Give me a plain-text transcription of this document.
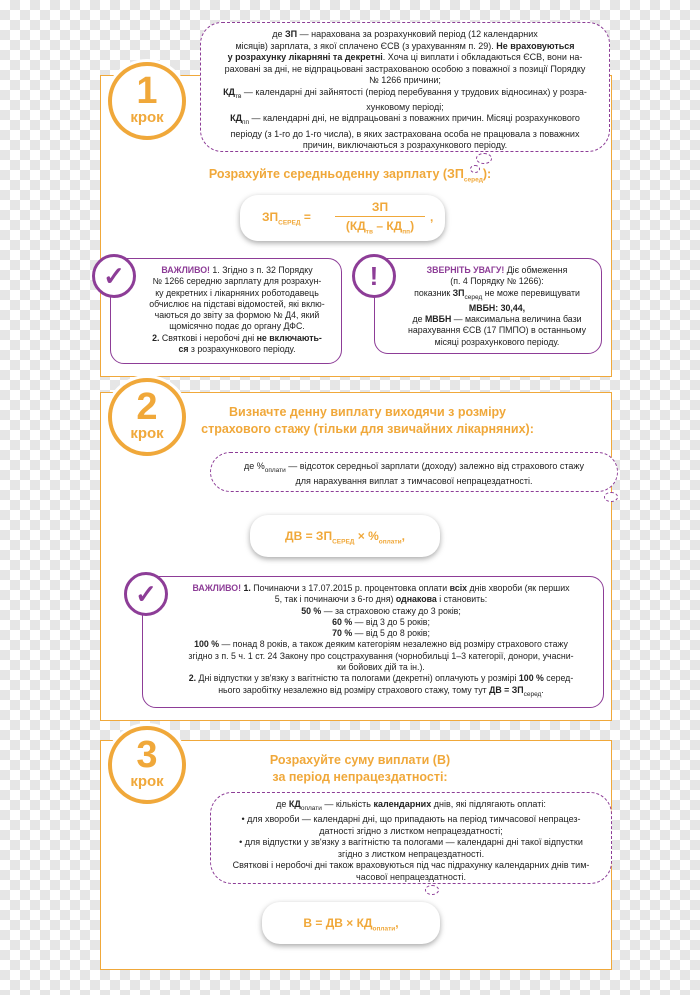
1
крок
де ЗП — нарахована за розрахунковий період (12 календарних
місяців) зарплата, з якої сплачено ЄСВ (з урахуванням п. 29). Не враховуються
у розрахунку лікарняні та декретні. Хоча ці виплати і обкладаються ЄСВ, вони на-
раховані за дні, не відпрацьовані застрахованою особою з поважної з позиції Порядку
№ 1266 причини;
$КД_{тв}$ — календарні дні зайнятості (період перебування у трудових відносинах) у розра-
хунковому періоді;
$КД_{пп}$ — календарні дні, не відпрацьовані з поважних причин. Місяці розрахункового
періоду (з 1-го до 1-го числа), в яких застрахована особа не працювала з поважних
причин, виключаються з розрахункового періоду.
Розрахуйте середньоденну зарплату $(ЗП_{серед})$:
$ЗП_{СЕРЕД}$ =
ЗП
$(КД_{тв} - КД_{пп})$
,
ВАЖЛИВО! 1. Згідно з п. 32 Порядку
№ 1266 середню зарплату для розрахун-
ку декретних і лікарняних роботодавець
обчислює на підставі відомостей, які вклю-
чаються до звіту за формою № Д4, який
щомісячно подає до органу ДФС.
2. Святкові і неробочі дні не включають-
ся з розрахункового періоду.
✓	ЗВЕРНІТЬ УВАГУ! Діє обмеження
(п. 4 Порядку № 1266):
показник $ЗП_{серед}$ не може перевищувати
МВБН: 30,44,
де МВБН — максимальна величина бази
нарахування ЄСВ (17 ПМПО) в останньому
місяці розрахункового періоду.
!
2
крок
Визначте денну виплату виходячи з розміру
страхового стажу (тільки для звичайних лікарняних):
де $\%_{оплати}$ — відсоток середньої зарплати (доходу) залежно від страхового стажу
для нарахування виплат з тимчасової непрацездатності.
ДВ = $ЗП_{СЕРЕД} \times \%_{оплати}$,
ВАЖЛИВО! 1. Починаючи з 17.07.2015 р. процентовка оплати всіх днів хвороби (як перших
5, так і починаючи з 6-го дня) однакова і становить:
50 % — за страховою стажу до 3 років;
60 % — від 3 до 5 років;
70 % — від 5 до 8 років;
100 % — понад 8 років, а також деяким категоріям незалежно від розміру страхового стажу
згідно з п. 5 ч. 1 ст. 24 Закону про соцстрахування (чорнобильці 1–3 категорії, донори, учасни-
ки бойових дій та ін.).
2. Дні відпустки у зв'язку з вагітністю та пологами (декретні) оплачують у розмірі 100 % серед-
нього заробітку незалежно від розміру страхового стажу, тому тут ДВ = $ЗП_{серед}$.
✓
3
крок
Розрахуйте суму виплати (В)
за період непрацездатності:
де $КД_{оплати}$ — кількість календарних днів, які підлягають оплаті:
• для хвороби — календарні дні, що припадають на період тимчасової непрацез-
датності згідно з листком непрацездатності;
• для відпустки у зв'язку з вагітністю та пологами — календарні дні такої відпустки
згідно з листком непрацездатності.
Святкові і неробочі дні також враховуються під час підрахунку календарних днів тим-
часової непрацездатності.
В = ДВ × $КД_{оплати}$,
